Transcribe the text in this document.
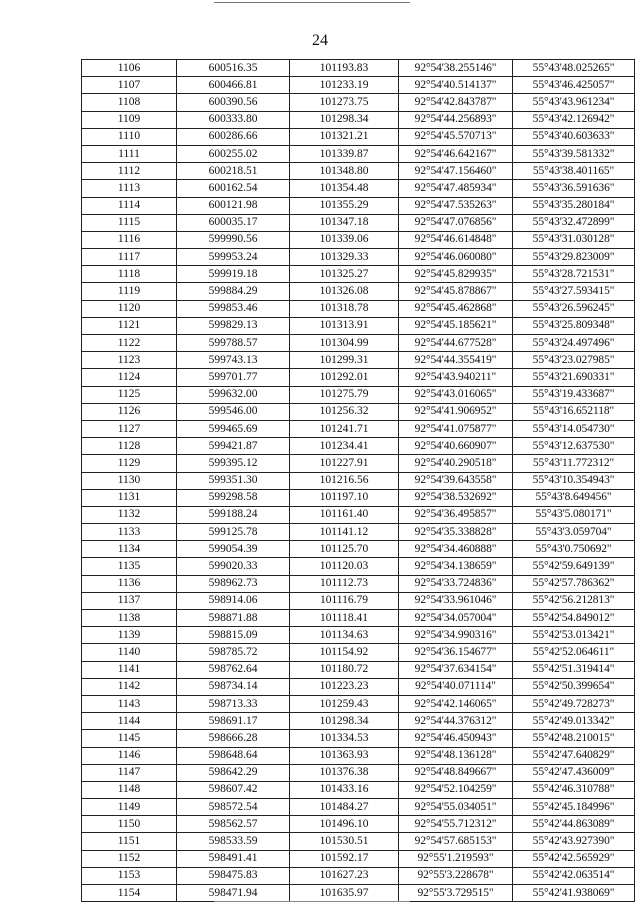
24
1106	600516.35	101193.83	92°54'38.255146"	55°43'48.025265"
1107	600466.81	101233.19	92°54'40.514137"	55°43'46.425057"
1108	600390.56	101273.75	92°54'42.843787"	55°43'43.961234"
1109	600333.80	101298.34	92°54'44.256893"	55°43'42.126942"
1110	600286.66	101321.21	92°54'45.570713"	55°43'40.603633"
1111	600255.02	101339.87	92°54'46.642167"	55°43'39.581332"
1112	600218.51	101348.80	92°54'47.156460"	55°43'38.401165"
1113	600162.54	101354.48	92°54'47.485934"	55°43'36.591636"
1114	600121.98	101355.29	92°54'47.535263"	55°43'35.280184"
1115	600035.17	101347.18	92°54'47.076856"	55°43'32.472899"
1116	599990.56	101339.06	92°54'46.614848"	55°43'31.030128"
1117	599953.24	101329.33	92°54'46.060080"	55°43'29.823009"
1118	599919.18	101325.27	92°54'45.829935"	55°43'28.721531"
1119	599884.29	101326.08	92°54'45.878867"	55°43'27.593415"
1120	599853.46	101318.78	92°54'45.462868"	55°43'26.596245"
1121	599829.13	101313.91	92°54'45.185621"	55°43'25.809348"
1122	599788.57	101304.99	92°54'44.677528"	55°43'24.497496"
1123	599743.13	101299.31	92°54'44.355419"	55°43'23.027985"
1124	599701.77	101292.01	92°54'43.940211"	55°43'21.690331"
1125	599632.00	101275.79	92°54'43.016065"	55°43'19.433687"
1126	599546.00	101256.32	92°54'41.906952"	55°43'16.652118"
1127	599465.69	101241.71	92°54'41.075877"	55°43'14.054730"
1128	599421.87	101234.41	92°54'40.660907"	55°43'12.637530"
1129	599395.12	101227.91	92°54'40.290518"	55°43'11.772312"
1130	599351.30	101216.56	92°54'39.643558"	55°43'10.354943"
1131	599298.58	101197.10	92°54'38.532692"	55°43'8.649456"
1132	599188.24	101161.40	92°54'36.495857"	55°43'5.080171"
1133	599125.78	101141.12	92°54'35.338828"	55°43'3.059704"
1134	599054.39	101125.70	92°54'34.460888"	55°43'0.750692"
1135	599020.33	101120.03	92°54'34.138659"	55°42'59.649139"
1136	598962.73	101112.73	92°54'33.724836"	55°42'57.786362"
1137	598914.06	101116.79	92°54'33.961046"	55°42'56.212813"
1138	598871.88	101118.41	92°54'34.057004"	55°42'54.849012"
1139	598815.09	101134.63	92°54'34.990316"	55°42'53.013421"
1140	598785.72	101154.92	92°54'36.154677"	55°42'52.064611"
1141	598762.64	101180.72	92°54'37.634154"	55°42'51.319414"
1142	598734.14	101223.23	92°54'40.071114"	55°42'50.399654"
1143	598713.33	101259.43	92°54'42.146065"	55°42'49.728273"
1144	598691.17	101298.34	92°54'44.376312"	55°42'49.013342"
1145	598666.28	101334.53	92°54'46.450943"	55°42'48.210015"
1146	598648.64	101363.93	92°54'48.136128"	55°42'47.640829"
1147	598642.29	101376.38	92°54'48.849667"	55°42'47.436009"
1148	598607.42	101433.16	92°54'52.104259"	55°42'46.310788"
1149	598572.54	101484.27	92°54'55.034051"	55°42'45.184996"
1150	598562.57	101496.10	92°54'55.712312"	55°42'44.863089"
1151	598533.59	101530.51	92°54'57.685153"	55°42'43.927390"
1152	598491.41	101592.17	92°55'1.219593"	55°42'42.565929"
1153	598475.83	101627.23	92°55'3.228678"	55°42'42.063514"
1154	598471.94	101635.97	92°55'3.729515"	55°42'41.938069"
